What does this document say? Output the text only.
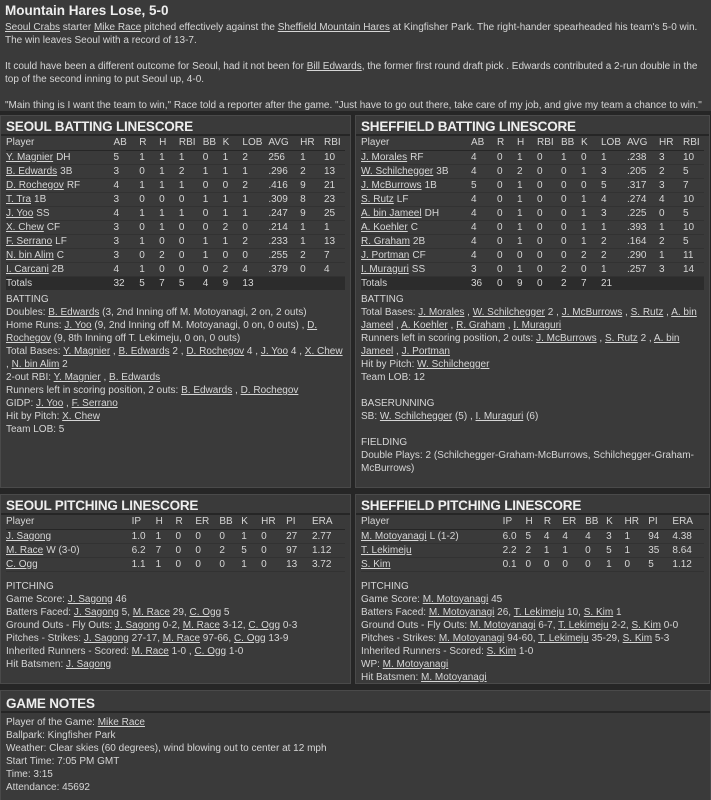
Mountain Hares Lose, 5-0
Seoul Crabs starter Mike Race pitched effectively against the Sheffield Mountain Hares at Kingfisher Park. The right-hander spearheaded his team's 5-0 win. The win leaves Seoul with a record of 13-7.
It could have been a different outcome for Seoul, had it not been for Bill Edwards, the former first round draft pick . Edwards contributed a 2-run double in the top of the second inning to put Seoul up, 4-0.
"Main thing is I want the team to win," Race told a reporter after the game. "Just have to go out there, take care of my job, and give my team a chance to win."
SEOUL BATTING LINESCORE
Player	AB	R	H	RBI	BB	K	LOB	AVG	HR	RBI
Y. Magnier DH	5	1	1	1	0	1	2	256	1	10
B. Edwards 3B	3	0	1	2	1	1	1	.296	2	13
D. Rochegov RF	4	1	1	1	0	0	2	.416	9	21
T. Tra 1B	3	0	0	0	1	1	1	.309	8	23
J. Yoo SS	4	1	1	1	0	1	1	.247	9	25
X. Chew CF	3	0	1	0	0	2	0	.214	1	1
F. Serrano LF	3	1	0	0	1	1	2	.233	1	13
N. bin Alim C	3	0	2	0	1	0	0	.255	2	7
I. Carcani 2B	4	1	0	0	0	2	4	.379	0	4
Totals	32	5	7	5	4	9	13			
BATTING
Doubles: B. Edwards (3, 2nd Inning off M. Motoyanagi, 2 on, 2 outs)
Home Runs: J. Yoo (9, 2nd Inning off M. Motoyanagi, 0 on, 0 outs) , D. Rochegov (9, 8th Inning off T. Lekimeju, 0 on, 0 outs)
Total Bases: Y. Magnier , B. Edwards 2 , D. Rochegov 4 , J. Yoo 4 , X. Chew , N. bin Alim 2
2-out RBI: Y. Magnier , B. Edwards
Runners left in scoring position, 2 outs: B. Edwards , D. Rochegov
GIDP: J. Yoo , F. Serrano
Hit by Pitch: X. Chew
Team LOB: 5
SHEFFIELD BATTING LINESCORE
Player	AB	R	H	RBI	BB	K	LOB	AVG	HR	RBI
J. Morales RF	4	0	1	0	1	0	1	.238	3	10
W. Schilchegger 3B	4	0	2	0	0	1	3	.205	2	5
J. McBurrows 1B	5	0	1	0	0	0	5	.317	3	7
S. Rutz LF	4	0	1	0	0	1	4	.274	4	10
A. bin Jameel DH	4	0	1	0	0	1	3	.225	0	5
A. Koehler C	4	0	1	0	0	1	1	.393	1	10
R. Graham 2B	4	0	1	0	0	1	2	.164	2	5
J. Portman CF	4	0	0	0	0	2	2	.290	1	11
I. Muraguri SS	3	0	1	0	2	0	1	.257	3	14
Totals	36	0	9	0	2	7	21			
BATTING
Total Bases: J. Morales , W. Schilchegger 2 , J. McBurrows , S. Rutz , A. bin Jameel , A. Koehler , R. Graham , I. Muraguri
Runners left in scoring position, 2 outs: J. McBurrows , S. Rutz 2 , A. bin Jameel , J. Portman
Hit by Pitch: W. Schilchegger
Team LOB: 12
BASERUNNING
SB: W. Schilchegger (5) , I. Muraguri (6)
FIELDING
Double Plays: 2 (Schilchegger-Graham-McBurrows, Schilchegger-Graham-McBurrows)
SEOUL PITCHING LINESCORE
Player		IP	H	R	ER	BB	K	HR	PI	ERA
J. Sagong		1.0	1	0	0	0	1	0	27	2.77
M. Race W (3-0)		6.2	7	0	0	2	5	0	97	1.12
C. Ogg		1.1	1	0	0	0	1	0	13	3.72
PITCHING
Game Score: J. Sagong 46
Batters Faced: J. Sagong 5, M. Race 29, C. Ogg 5
Ground Outs - Fly Outs: J. Sagong 0-2, M. Race 3-12, C. Ogg 0-3
Pitches - Strikes: J. Sagong 27-17, M. Race 97-66, C. Ogg 13-9
Inherited Runners - Scored: M. Race 1-0 , C. Ogg 1-0
Hit Batsmen: J. Sagong
SHEFFIELD PITCHING LINESCORE
Player		IP	H	R	ER	BB	K	HR	PI	ERA
M. Motoyanagi L (1-2)		6.0	5	4	4	4	3	1	94	4.38
T. Lekimeju		2.2	2	1	1	0	5	1	35	8.64
S. Kim		0.1	0	0	0	0	1	0	5	1.12
PITCHING
Game Score: M. Motoyanagi 45
Batters Faced: M. Motoyanagi 26, T. Lekimeju 10, S. Kim 1
Ground Outs - Fly Outs: M. Motoyanagi 6-7, T. Lekimeju 2-2, S. Kim 0-0
Pitches - Strikes: M. Motoyanagi 94-60, T. Lekimeju 35-29, S. Kim 5-3
Inherited Runners - Scored: S. Kim 1-0
WP: M. Motoyanagi
Hit Batsmen: M. Motoyanagi
GAME NOTES
Player of the Game: Mike Race
Ballpark: Kingfisher Park
Weather: Clear skies (60 degrees), wind blowing out to center at 12 mph
Start Time: 7:05 PM GMT
Time: 3:15
Attendance: 45692
